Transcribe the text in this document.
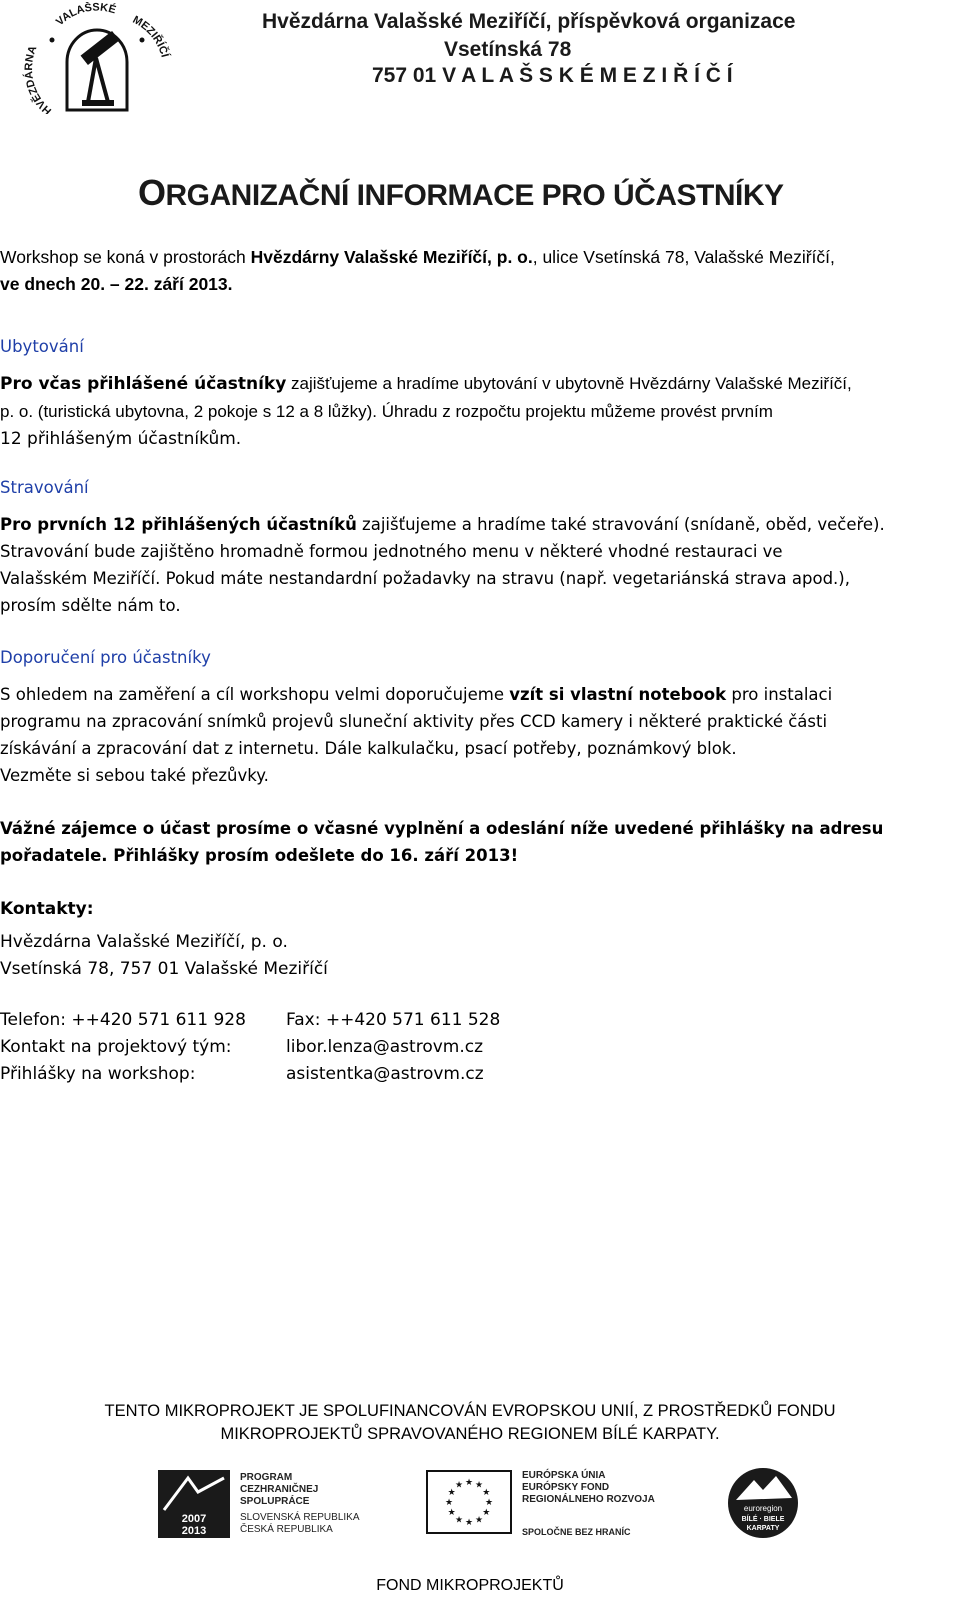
HVĚZDÁRNA
VALAŠSKÉ
MEZIŘÍČÍ
Hvězdárna Valašské Meziříčí, příspěvková organizace
Vsetínská 78
757 01 V A L A Š S K É M E Z I Ř Í Č Í
ORGANIZAČNÍ INFORMACE PRO ÚČASTNÍKY
Workshop se koná v prostorách Hvězdárny Valašské Meziříčí, p. o., ulice Vsetínská 78, Valašské Meziříčí,
ve dnech 20. – 22. září 2013.
Ubytování
Pro včas přihlášené účastníky zajišťujeme a hradíme ubytování v ubytovně Hvězdárny Valašské Meziříčí,
p. o. (turistická ubytovna, 2 pokoje s 12 a 8 lůžky). Úhradu z rozpočtu projektu můžeme provést prvním
12 přihlášeným účastníkům.
Stravování
Pro prvních 12 přihlášených účastníků zajišťujeme a hradíme také stravování (snídaně, oběd, večeře).
Stravování bude zajištěno hromadně formou jednotného menu v některé vhodné restauraci ve
Valašském Meziříčí. Pokud máte nestandardní požadavky na stravu (např. vegetariánská strava apod.),
prosím sdělte nám to.
Doporučení pro účastníky
S ohledem na zaměření a cíl workshopu velmi doporučujeme vzít si vlastní notebook pro instalaci
programu na zpracování snímků projevů sluneční aktivity přes CCD kamery i některé praktické části
získávání a zpracování dat z internetu. Dále kalkulačku, psací potřeby, poznámkový blok.
Vezměte si sebou také přezůvky.
Vážné zájemce o účast prosíme o včasné vyplnění a odeslání níže uvedené přihlášky na adresu
pořadatele. Přihlášky prosím odešlete do 16. září 2013!
Kontakty:

Hvězdárna Valašské Meziříčí, p. o.
Vsetínská 78, 757 01 Valašské Meziříčí
Telefon: ++420 571 611 928 Fax: ++420 571 611 528
Kontakt na projektový tým:	libor.lenza@astrovm.cz
Přihlášky na workshop:	asistentka@astrovm.cz
TENTO MIKROPROJEKT JE SPOLUFINANCOVÁN EVROPSKOU UNIÍ, Z PROSTŘEDKŮ FONDU
MIKROPROJEKTŮ SPRAVOVANÉHO REGIONEM BÍLÉ KARPATY.
2007
2013
PROGRAM
CEZHRANIČNEJ
SPOLUPRÁCE
SLOVENSKÁ REPUBLIKA
ČESKÁ REPUBLIKA
★
★
★
★
★
★
★
★
★ ★ ★
★
EURÓPSKA ÚNIA
EURÓPSKY FOND
REGIONÁLNEHO ROZVOJA
SPOLOČNE BEZ HRANÍC
euroregion
BÍLÉ · BIELE
KARPATY
FOND MIKROPROJEKTŮ
